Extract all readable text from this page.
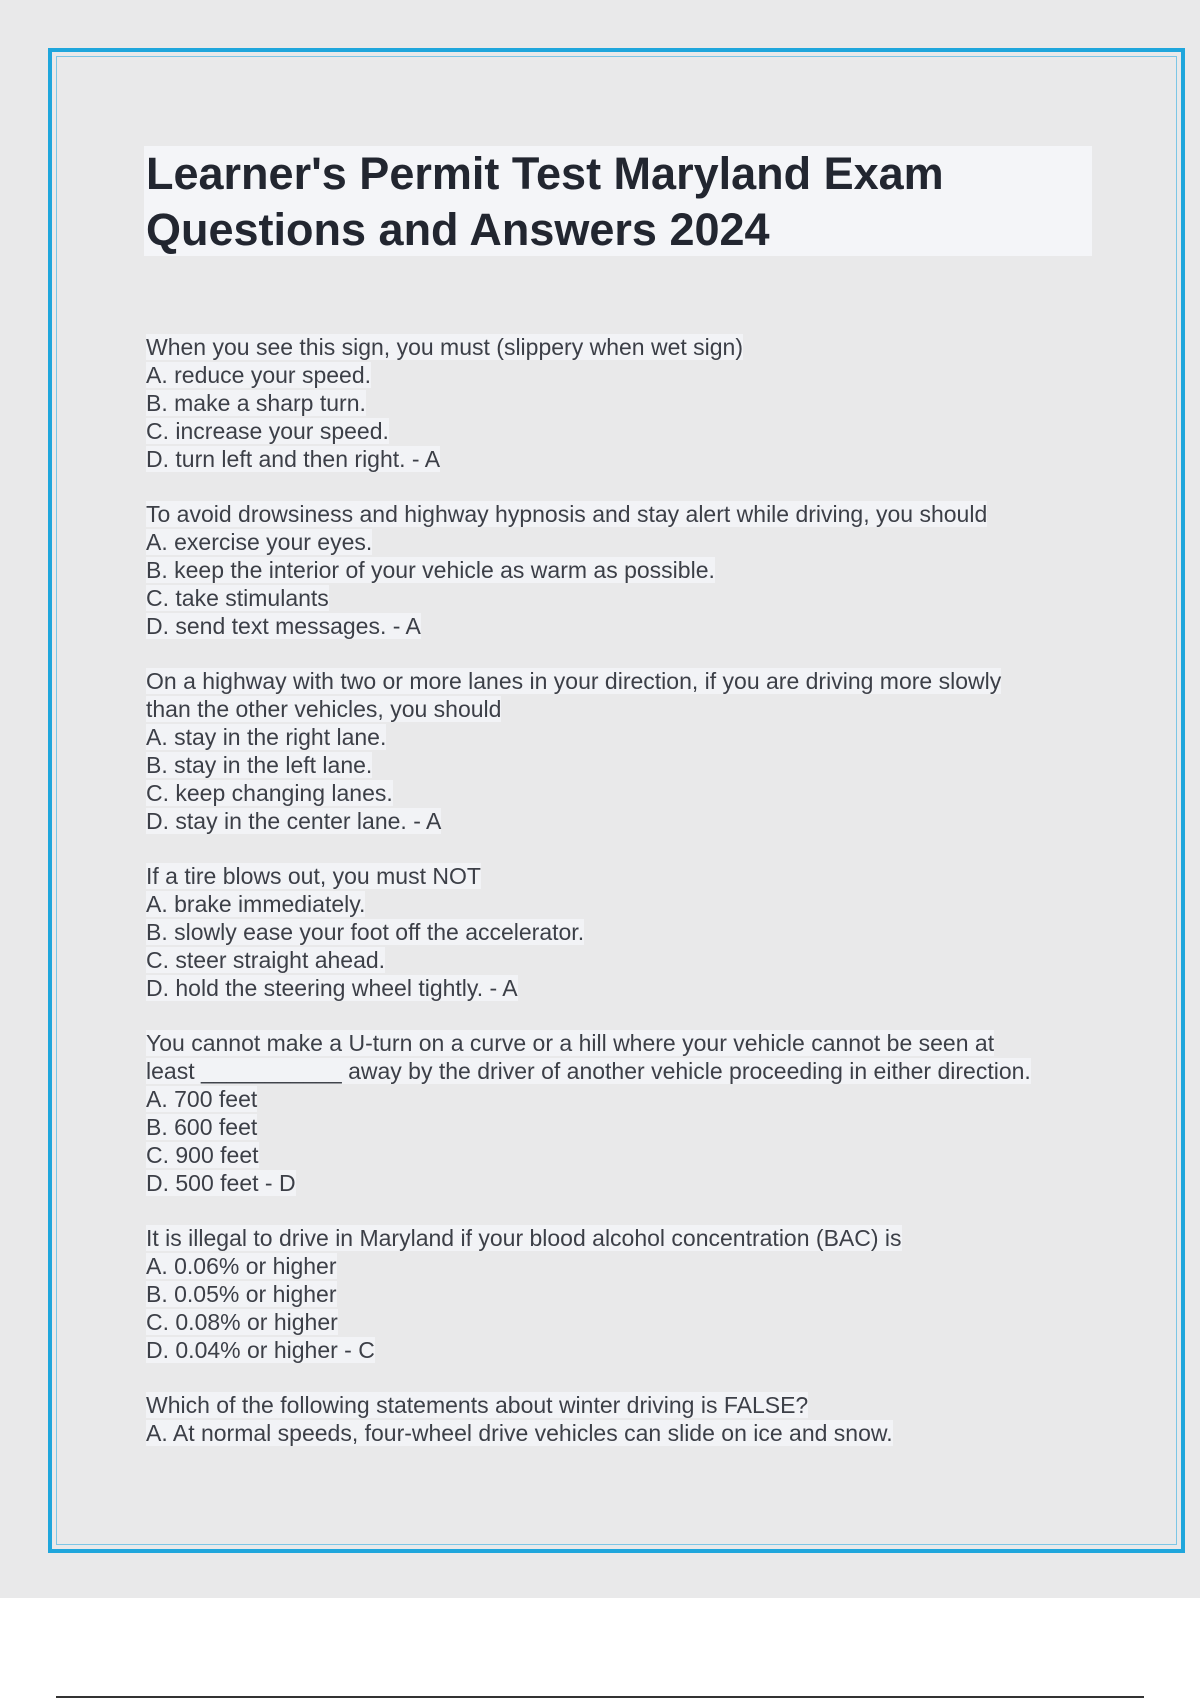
Learner's Permit Test Maryland Exam Questions and Answers 2024
When you see this sign, you must (slippery when wet sign)
A. reduce your speed.
B. make a sharp turn.
C. increase your speed.
D. turn left and then right. - A
To avoid drowsiness and highway hypnosis and stay alert while driving, you should
A. exercise your eyes.
B. keep the interior of your vehicle as warm as possible.
C. take stimulants
D. send text messages. - A
On a highway with two or more lanes in your direction, if you are driving more slowly
than the other vehicles, you should
A. stay in the right lane.
B. stay in the left lane.
C. keep changing lanes.
D. stay in the center lane. - A
If a tire blows out, you must NOT
A. brake immediately.
B. slowly ease your foot off the accelerator.
C. steer straight ahead.
D. hold the steering wheel tightly. - A
You cannot make a U-turn on a curve or a hill where your vehicle cannot be seen at
least ___________ away by the driver of another vehicle proceeding in either direction.
A. 700 feet
B. 600 feet
C. 900 feet
D. 500 feet - D
It is illegal to drive in Maryland if your blood alcohol concentration (BAC) is
A. 0.06% or higher
B. 0.05% or higher
C. 0.08% or higher
D. 0.04% or higher - C
Which of the following statements about winter driving is FALSE?
A. At normal speeds, four-wheel drive vehicles can slide on ice and snow.
